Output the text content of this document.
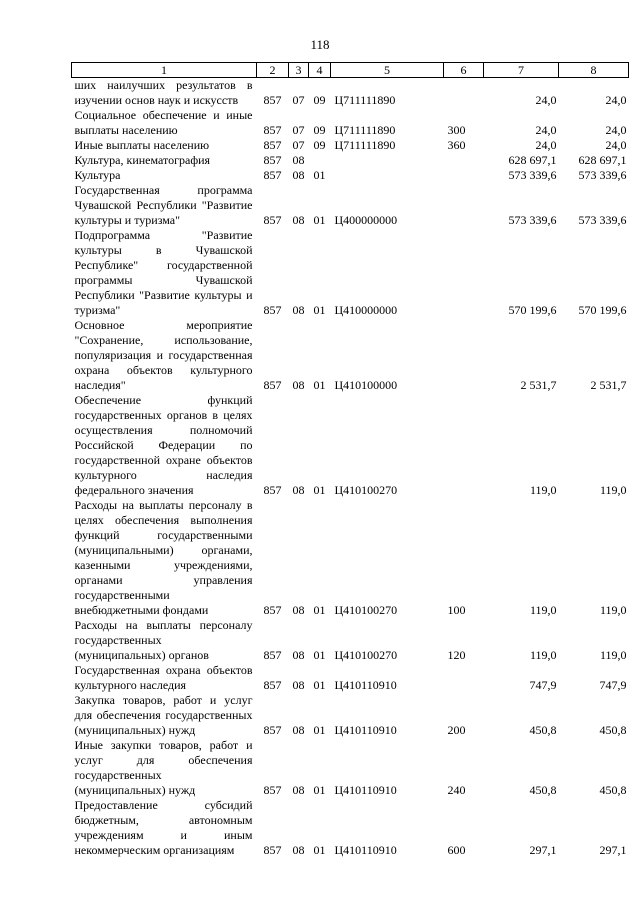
118
1	2	3	4	5	6	7	8
ших наилучших результатов в изучении основ наук и искусств	857	07	09	Ц711111890		24,0	24,0
Социальное обеспечение и иные выплаты населению	857	07	09	Ц711111890	300	24,0	24,0
Иные выплаты населению	857	07	09	Ц711111890	360	24,0	24,0
Культура, кинематография	857	08				628 697,1	628 697,1
Культура	857	08	01			573 339,6	573 339,6
Государственная программа Чувашской Республики "Развитие культуры и туризма"	857	08	01	Ц400000000		573 339,6	573 339,6
Подпрограмма "Развитие культуры в Чувашской Республике" государственной программы Чувашской Республики "Развитие культуры и туризма"	857	08	01	Ц410000000		570 199,6	570 199,6
Основное мероприятие "Сохранение, использование, популяризация и государственная охрана объектов культурного наследия"	857	08	01	Ц410100000		2 531,7	2 531,7
Обеспечение функций государственных органов в целях осуществления полномочий Российской Федерации по государственной охране объектов культурного наследия федерального значения	857	08	01	Ц410100270		119,0	119,0
Расходы на выплаты персоналу в целях обеспечения выполнения функций государственными (муниципальными) органами, казенными учреждениями, органами управления государственными внебюджетными фондами	857	08	01	Ц410100270	100	119,0	119,0
Расходы на выплаты персоналу государственных (муниципальных) органов	857	08	01	Ц410100270	120	119,0	119,0
Государственная охрана объектов культурного наследия	857	08	01	Ц410110910		747,9	747,9
Закупка товаров, работ и услуг для обеспечения государственных (муниципальных) нужд	857	08	01	Ц410110910	200	450,8	450,8
Иные закупки товаров, работ и услуг для обеспечения государственных (муниципальных) нужд	857	08	01	Ц410110910	240	450,8	450,8
Предоставление субсидий бюджетным, автономным учреждениям и иным некоммерческим организациям	857	08	01	Ц410110910	600	297,1	297,1
